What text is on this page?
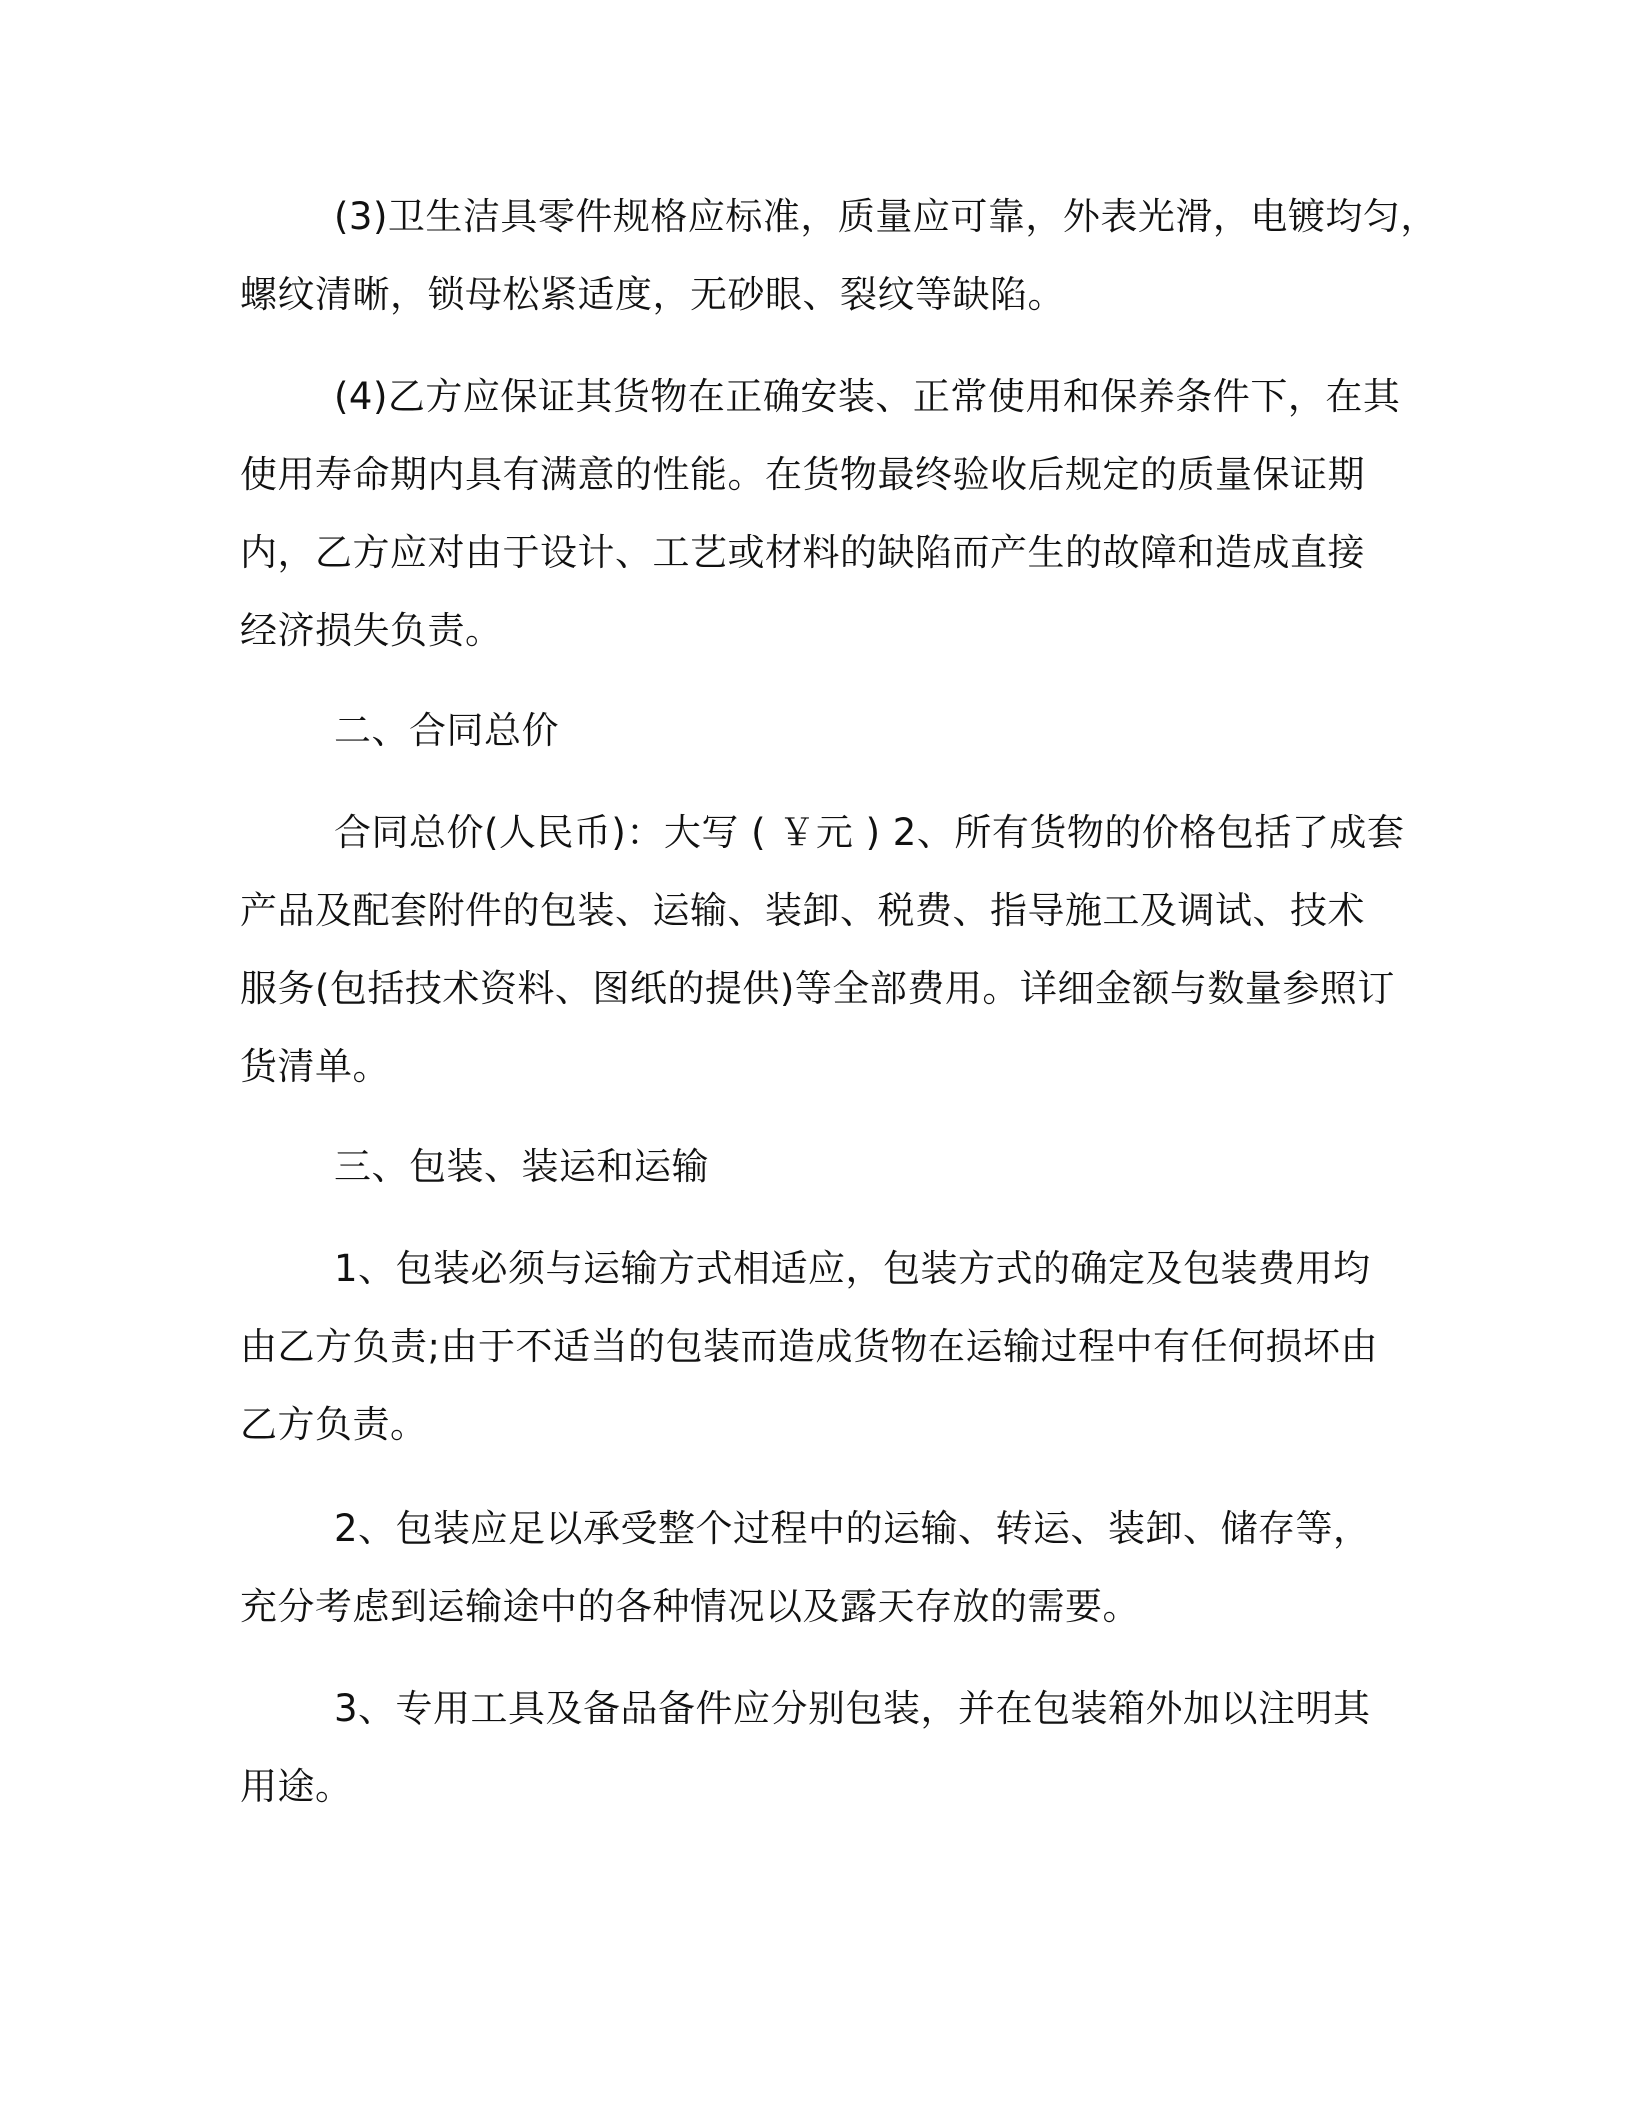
(3)卫生洁具零件规格应标准，质量应可靠，外表光滑，电镀均匀，
螺纹清晰，锁母松紧适度，无砂眼、裂纹等缺陷。
(4)乙方应保证其货物在正确安装、正常使用和保养条件下，在其
使用寿命期内具有满意的性能。在货物最终验收后规定的质量保证期
内，乙方应对由于设计、工艺或材料的缺陷而产生的故障和造成直接
经济损失负责。
二、合同总价
合同总价(人民币)：大写 ( ￥元 ) 2、所有货物的价格包括了成套
产品及配套附件的包装、运输、装卸、税费、指导施工及调试、技术
服务(包括技术资料、图纸的提供)等全部费用。详细金额与数量参照订
货清单。
三、包装、装运和运输
1、包装必须与运输方式相适应，包装方式的确定及包装费用均
由乙方负责;由于不适当的包装而造成货物在运输过程中有任何损坏由
乙方负责。
2、包装应足以承受整个过程中的运输、转运、装卸、储存等，
充分考虑到运输途中的各种情况以及露天存放的需要。
3、专用工具及备品备件应分别包装，并在包装箱外加以注明其
用途。
